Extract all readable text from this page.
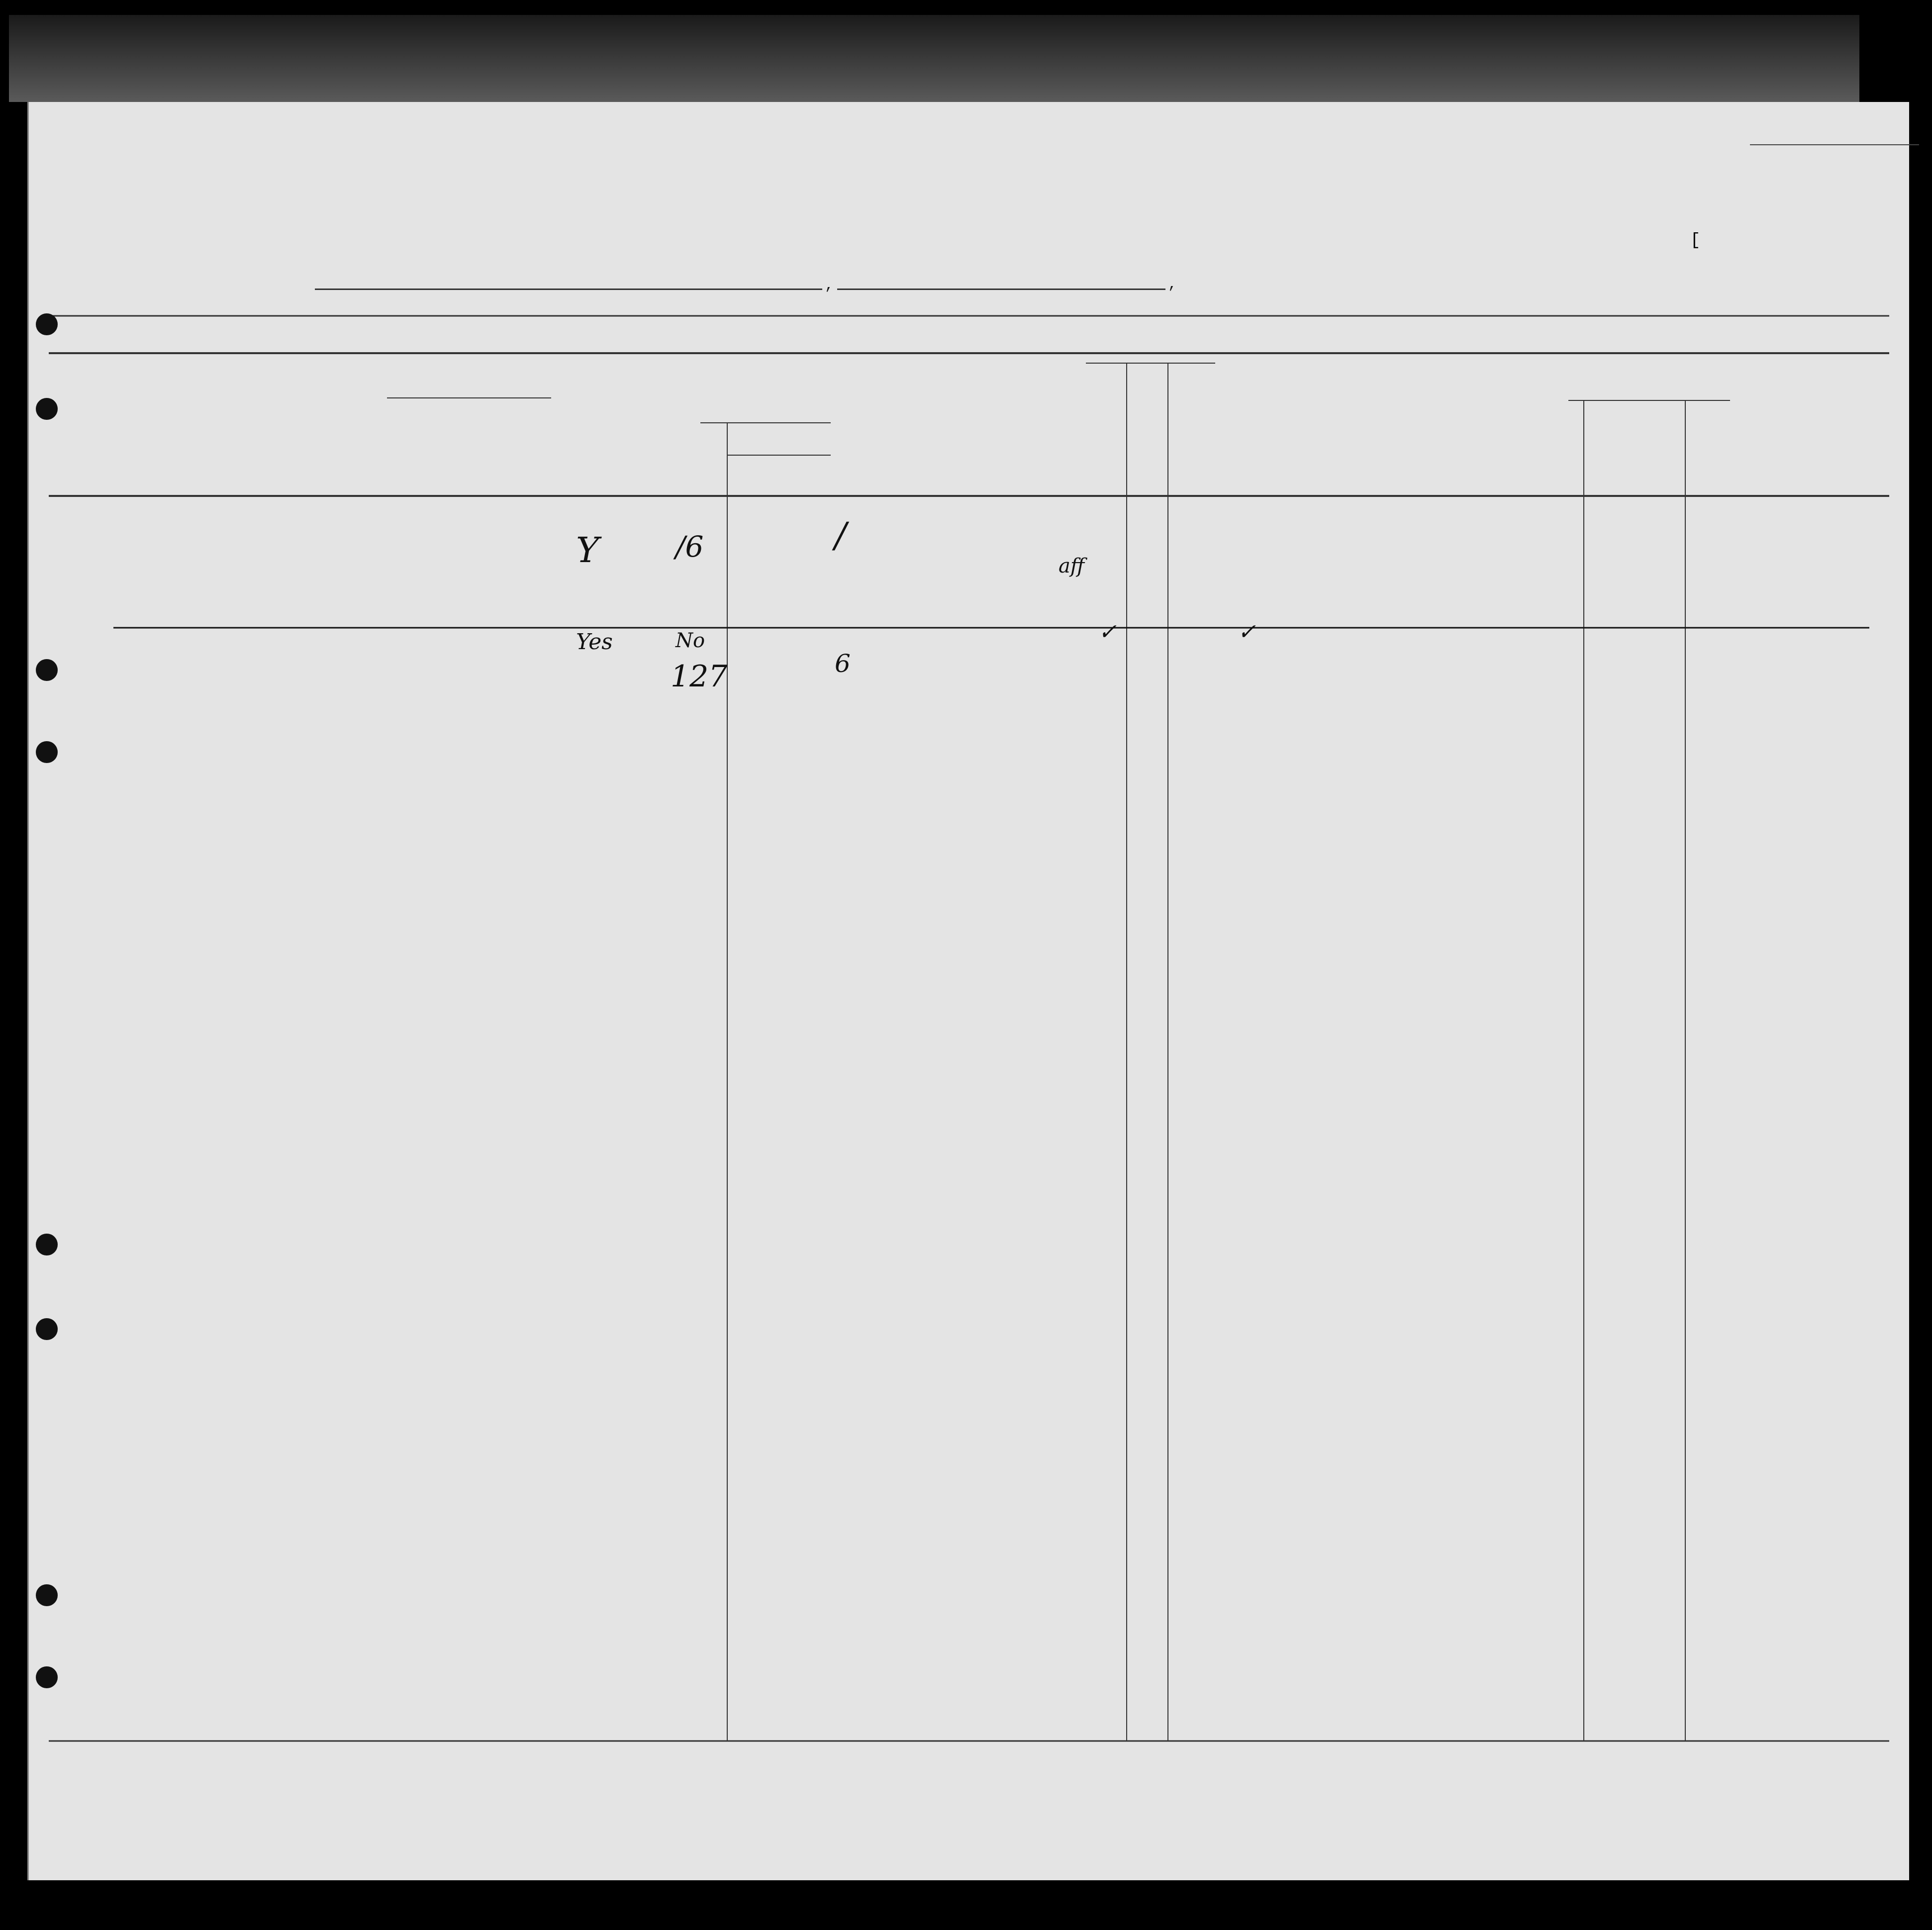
,	,
[
Y	/6	/
aff
Yes	No
127	6
✓	✓
